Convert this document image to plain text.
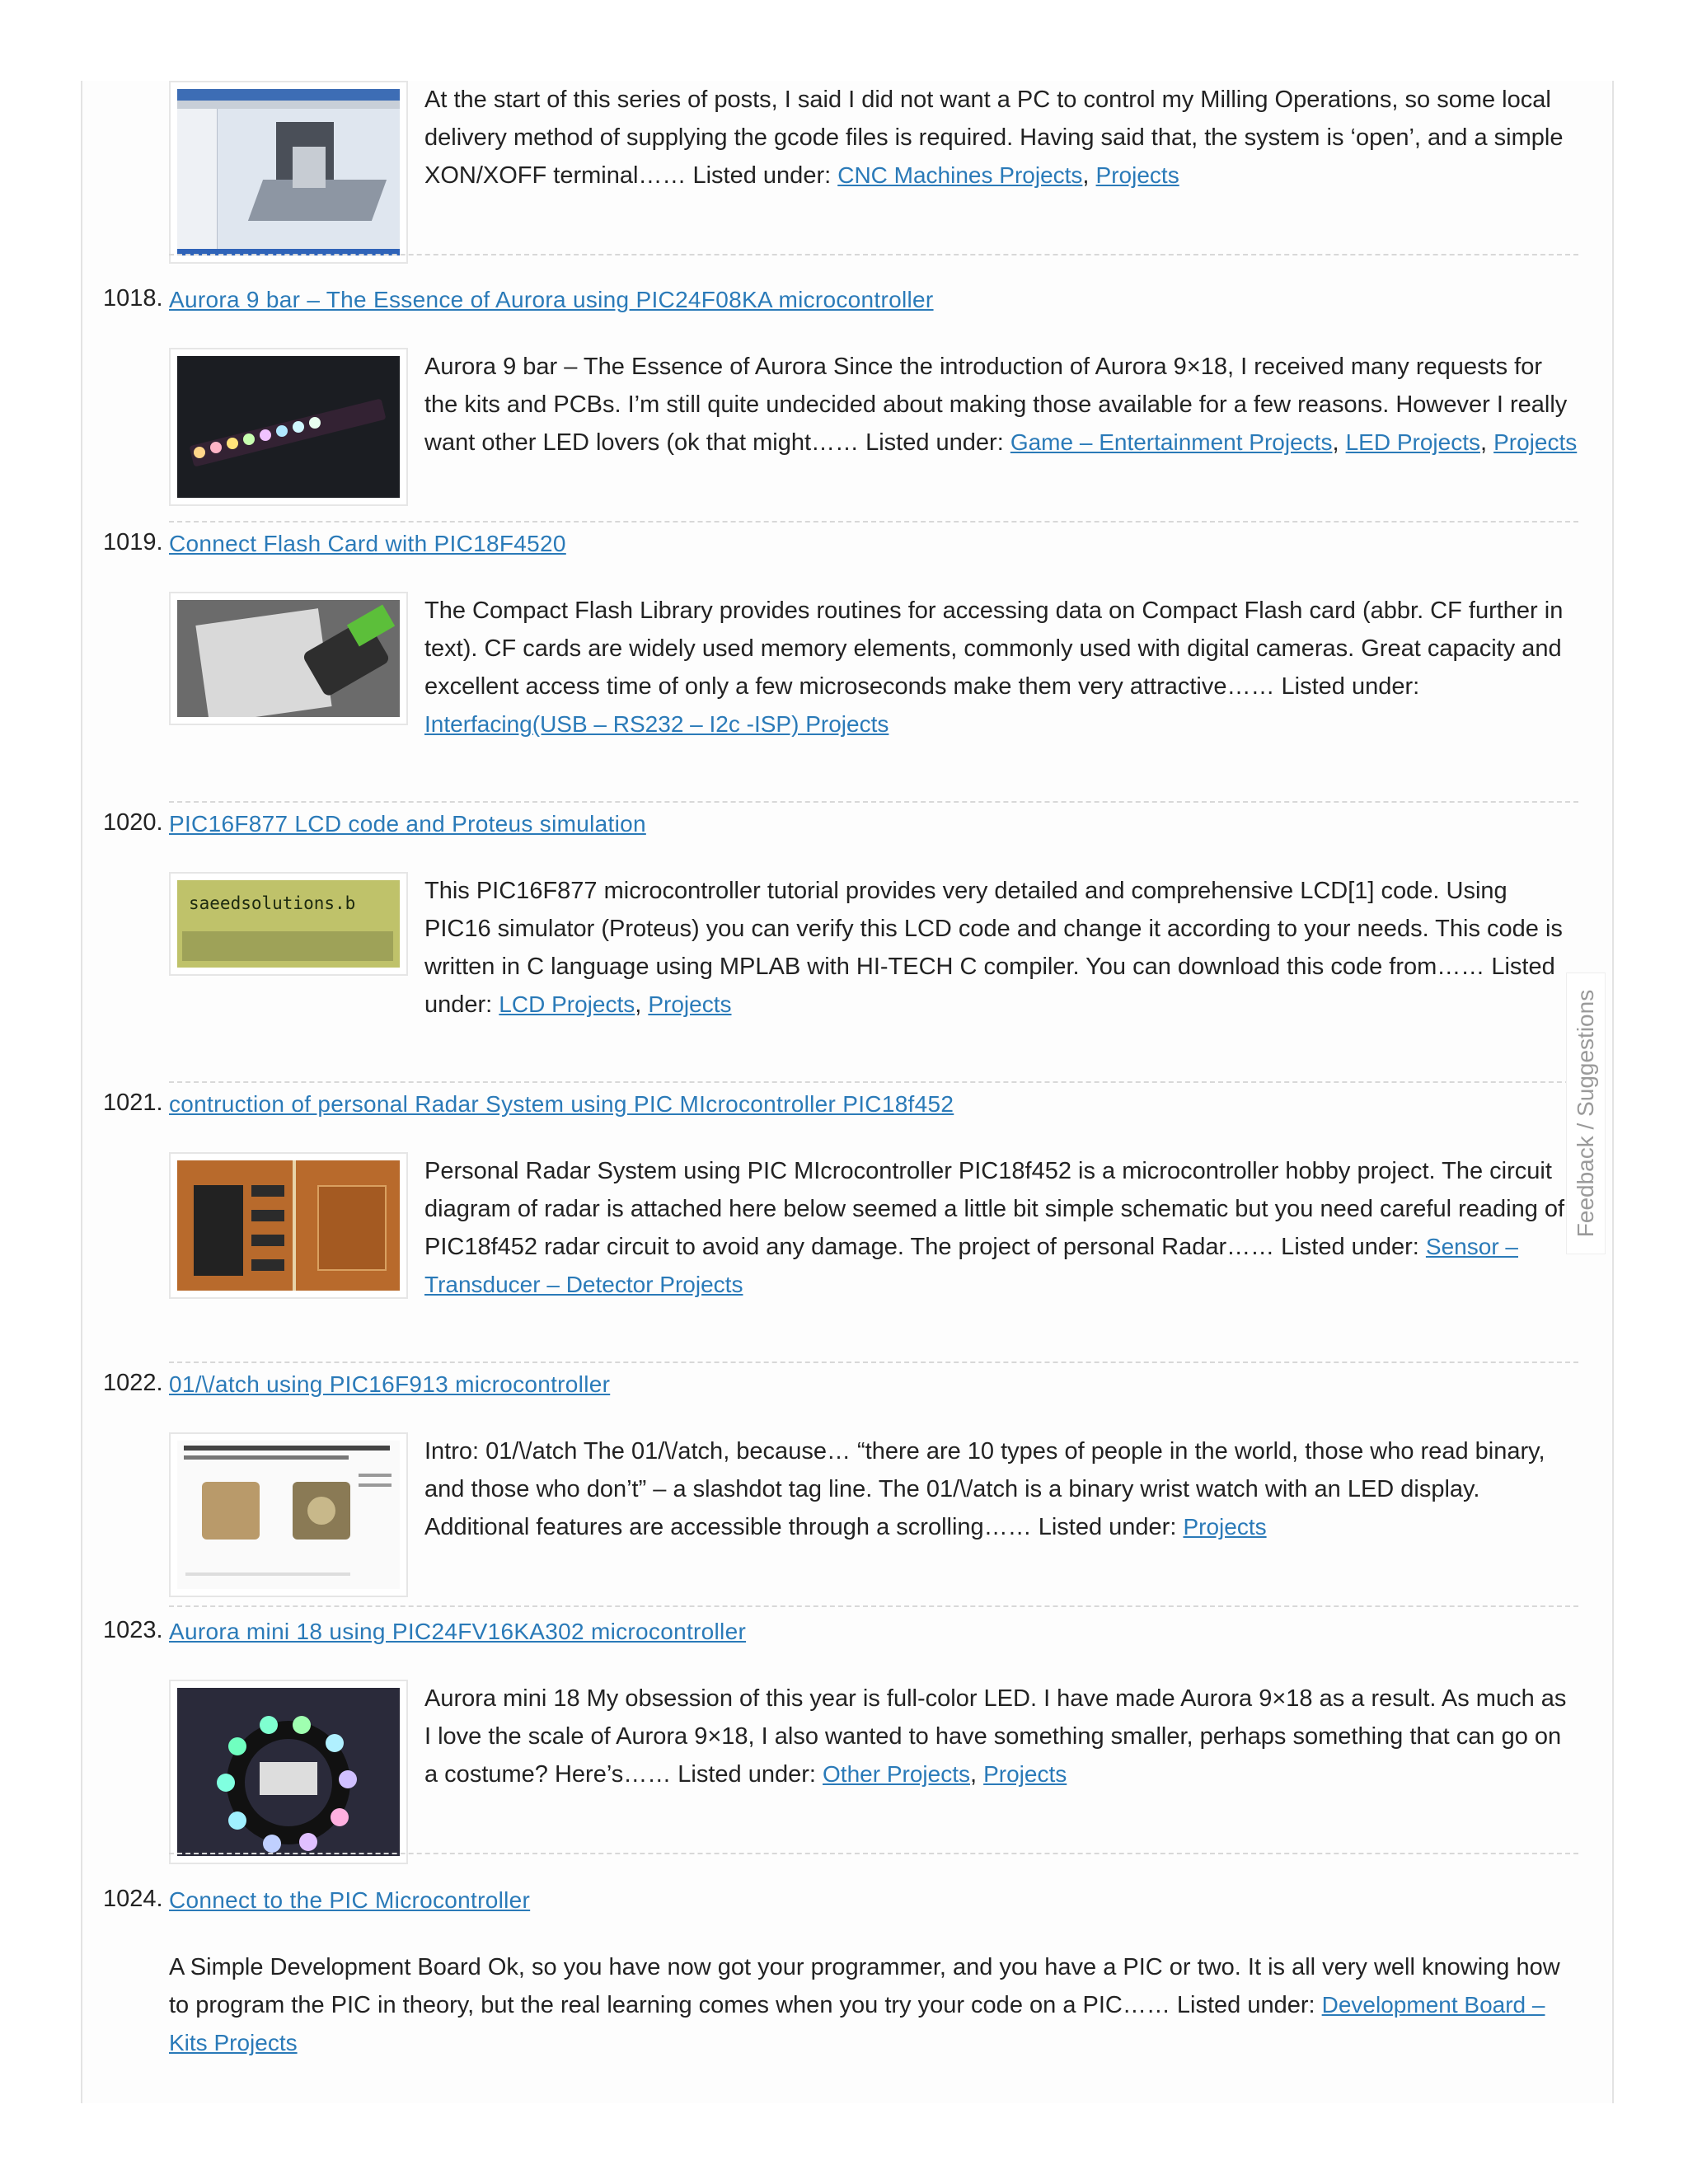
At the start of this series of posts, I said I did not want a PC to control my Milling Operations, so some local delivery method of supplying the gcode files is required. Having said that, the system is ‘open’, and a simple XON/XOFF terminal…… Listed under: CNC Machines Projects, Projects
1018. Aurora 9 bar – The Essence of Aurora using PIC24F08KA microcontroller
Aurora 9 bar – The Essence of Aurora Since the introduction of Aurora 9×18, I received many requests for the kits and PCBs. I’m still quite undecided about making those available for a few reasons. However I really want other LED lovers (ok that might…… Listed under: Game – Entertainment Projects, LED Projects, Projects
1019. Connect Flash Card with PIC18F4520
The Compact Flash Library provides routines for accessing data on Compact Flash card (abbr. CF further in text). CF cards are widely used memory elements, commonly used with digital cameras. Great capacity and excellent access time of only a few microseconds make them very attractive…… Listed under: Interfacing(USB – RS232 – I2c -ISP) Projects
1020. PIC16F877 LCD code and Proteus simulation
saeedsolutions.b	This PIC16F877 microcontroller tutorial provides very detailed and comprehensive LCD[1] code. Using PIC16 simulator (Proteus) you can verify this LCD code and change it according to your needs. This code is written in C language using MPLAB with HI-TECH C compiler. You can download this code from…… Listed under: LCD Projects, Projects
1021. contruction of personal Radar System using PIC MIcrocontroller PIC18f452
Personal Radar System using PIC MIcrocontroller PIC18f452 is a microcontroller hobby project. The circuit diagram of radar is attached here below seemed a little bit simple schematic but you need careful reading of PIC18f452 radar circuit to avoid any damage. The project of personal Radar…… Listed under: Sensor – Transducer – Detector Projects
1022. 01/\/atch using PIC16F913 microcontroller
Intro: 01/\/atch The 01/\/atch, because… “there are 10 types of people in the world, those who read binary, and those who don’t” – a slashdot tag line. The 01/\/atch is a binary wrist watch with an LED display. Additional features are accessible through a scrolling…… Listed under: Projects
1023. Aurora mini 18 using PIC24FV16KA302 microcontroller
Aurora mini 18 My obsession of this year is full-color LED. I have made Aurora 9×18 as a result. As much as I love the scale of Aurora 9×18, I also wanted to have something smaller, perhaps something that can go on a costume? Here’s…… Listed under: Other Projects, Projects
1024. Connect to the PIC Microcontroller
A Simple Development Board Ok, so you have now got your programmer, and you have a PIC or two. It is all very well knowing how to program the PIC in theory, but the real learning comes when you try your code on a PIC…… Listed under: Development Board – Kits Projects
Feedback / Suggestions
